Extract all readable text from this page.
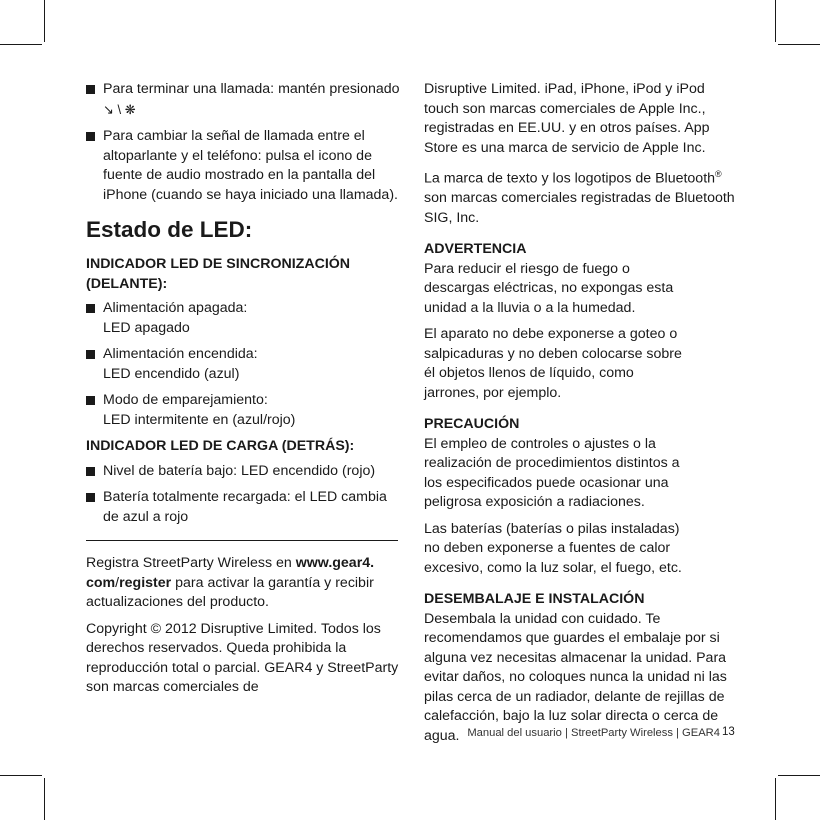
Para terminar una llamada: mantén presionado ↘ \ ❋
Para cambiar la señal de llamada entre el altoparlante y el teléfono: pulsa el icono de fuente de audio mostrado en la pantalla del iPhone (cuando se haya iniciado una llamada).
Estado de LED:
INDICADOR LED DE SINCRONIZACIÓN (DELANTE):
Alimentación apagada:
LED apagado
Alimentación encendida:
LED encendido (azul)
Modo de emparejamiento:
LED intermitente en (azul/rojo)
INDICADOR LED DE CARGA (DETRÁS):
Nivel de batería bajo: LED encendido (rojo)
Batería totalmente recargada: el LED cambia de azul a rojo

Registra StreetParty Wireless en www.gear4.
com/register para activar la garantía y recibir actualizaciones del producto.

Copyright © 2012 Disruptive Limited. Todos los derechos reservados. Queda prohibida la reproducción total o parcial. GEAR4 y StreetParty son marcas comerciales de

Disruptive Limited. iPad, iPhone, iPod y iPod touch son marcas comerciales de Apple Inc., registradas en EE.UU. y en otros países. App Store es una marca de servicio de Apple Inc.

La marca de texto y los logotipos de Bluetooth® son marcas comerciales registradas de Bluetooth SIG, Inc.

ADVERTENCIA

Para reducir el riesgo de fuego o descargas eléctricas, no expongas esta unidad a la lluvia o a la humedad.

El aparato no debe exponerse a goteo o salpicaduras y no deben colocarse sobre él objetos llenos de líquido, como jarrones, por ejemplo.

PRECAUCIÓN

El empleo de controles o ajustes o la realización de procedimientos distintos a los especificados puede ocasionar una peligrosa exposición a radiaciones.

Las baterías (baterías o pilas instaladas) no deben exponerse a fuentes de calor excesivo, como la luz solar, el fuego, etc.

DESEMBALAJE E INSTALACIÓN

Desembala la unidad con cuidado. Te recomendamos que guardes el embalaje por si alguna vez necesitas almacenar la unidad. Para evitar daños, no coloques nunca la unidad ni las pilas cerca de un radiador, delante de rejillas de calefacción, bajo la luz solar directa o cerca de agua. Manual del usuario | StreetParty Wireless | GEAR4 13
